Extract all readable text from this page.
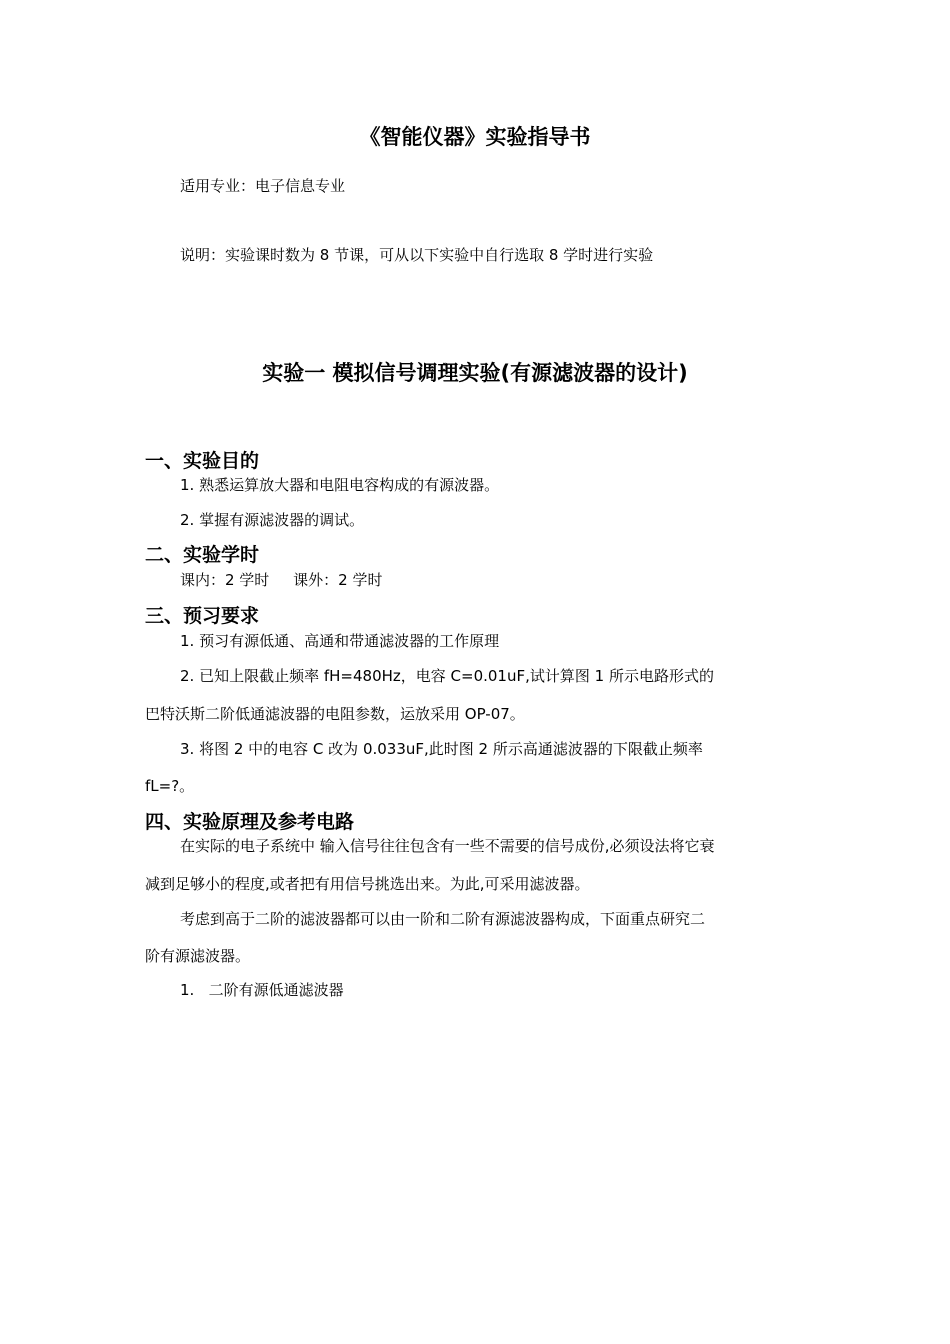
《智能仪器》实验指导书
适用专业：电子信息专业
说明：实验课时数为 8 节课，可从以下实验中自行选取 8 学时进行实验
实验一 模拟信号调理实验(有源滤波器的设计)
一、实验目的
1. 熟悉运算放大器和电阻电容构成的有源波器。
2. 掌握有源滤波器的调试。
二、实验学时
课内：2 学时     课外：2 学时
三、预习要求
1. 预习有源低通、高通和带通滤波器的工作原理
2. 已知上限截止频率 fH=480Hz，电容 C=0.01uF,试计算图 1 所示电路形式的
巴特沃斯二阶低通滤波器的电阻参数，运放采用 OP-07。
3. 将图 2 中的电容 C 改为 0.033uF,此时图 2 所示高通滤波器的下限截止频率
fL=?。
四、实验原理及参考电路
在实际的电子系统中 输入信号往往包含有一些不需要的信号成份,必须设法将它衰
减到足够小的程度,或者把有用信号挑选出来。为此,可采用滤波器。
考虑到高于二阶的滤波器都可以由一阶和二阶有源滤波器构成，下面重点研究二
阶有源滤波器。
1.   二阶有源低通滤波器
